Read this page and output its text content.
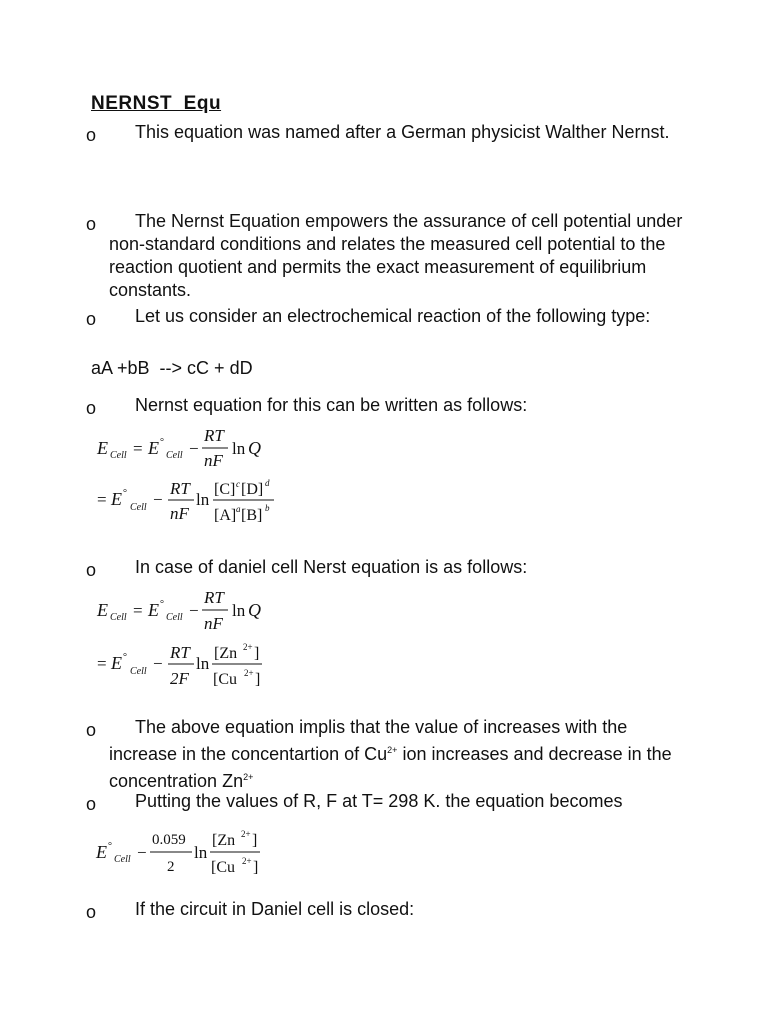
NERNST  Equ
o	This equation was named after a German physicist Walther Nernst.
o	The Nernst Equation empowers the assurance of cell potential under non-standard conditions and relates the measured cell potential to the reaction quotient and permits the exact measurement of equilibrium constants.
o	Let us consider an electrochemical reaction of the following type:
aA +bB  --> cC + dD
o	Nernst equation for this can be written as follows:
o	In case of daniel cell Nerst equation is as follows:
o	The above equation implis that the value of increases with the increase in the concentartion of $Cu^{2+}$ ion increases and decrease in the concentration $Zn^{2+}$
o	Putting the values of R, F at T= 298 K. the equation becomes
o	If the circuit in Daniel cell is closed:
E Cell = E °
Cell −
RT
nF
ln Q
= E °
Cell −
RT
nF
ln
[C] c [D] d
[A] a [B] b
E Cell = E °
Cell −
RT
nF
ln Q
= E °
Cell −
RT
2F
ln
[Zn 2+ ]
[Cu 2+ ]
E °
Cell −
0.059
2
ln
[Zn 2+ ]
[Cu 2+ ]
